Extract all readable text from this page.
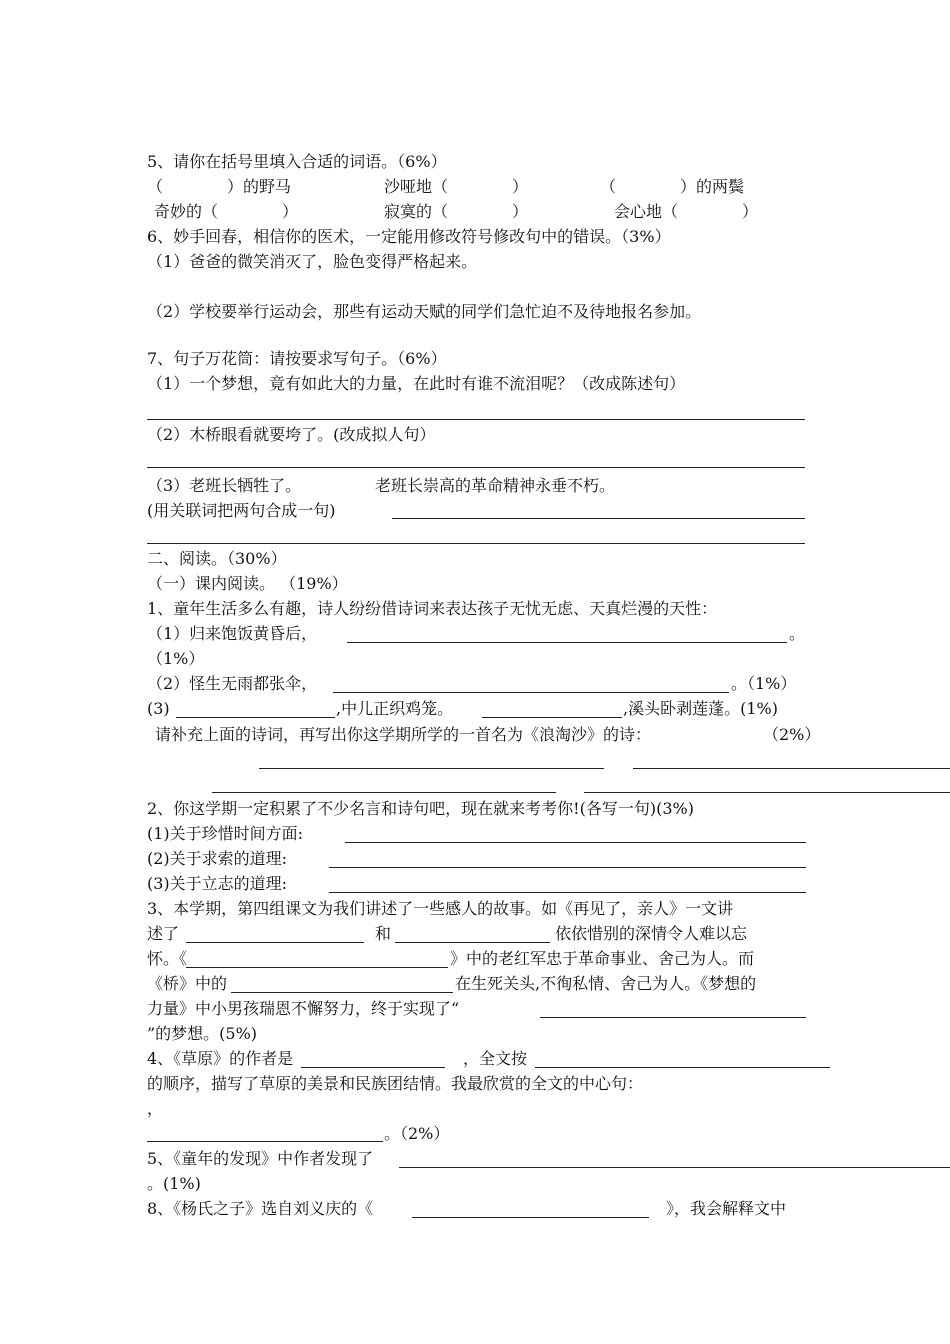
5、请你在括号里填入合适的词语。（6%）
（　　　　）的野马	沙哑地（　　　　）	（　　　　）的两鬓
奇妙的（　　　　）	寂寞的（　　　　）	会心地（　　　　）
6、妙手回春，相信你的医术，一定能用修改符号修改句中的错误。（3%）
（1）爸爸的微笑消灭了，脸色变得严格起来。
（2）学校要举行运动会，那些有运动天赋的同学们急忙迫不及待地报名参加。
7、句子万花筒：请按要求写句子。（6%）
（1）一个梦想，竟有如此大的力量，在此时有谁不流泪呢？（改成陈述句）
（2）木桥眼看就要垮了。(改成拟人句）
（3）老班长牺牲了。	老班长崇高的革命精神永垂不朽。
(用关联词把两句合成一句)
二、阅读。（30%）
（一）课内阅读。 （19%）
1、童年生活多么有趣，诗人纷纷借诗词来表达孩子无忧无虑、天真烂漫的天性：
（1）归来饱饭黄昏后，	。
（1%）
（2）怪生无雨都张伞，	。（1%）
(3)	,中儿正织鸡笼。	,溪头卧剥莲蓬。(1%)
请补充上面的诗词，再写出你这学期所学的一首名为《浪淘沙》的诗：	（2%）
2、你这学期一定积累了不少名言和诗句吧，现在就来考考你!(各写一句)(3%)
(1)关于珍惜时间方面:
(2)关于求索的道理:
(3)关于立志的道理:
3、本学期，第四组课文为我们讲述了一些感人的故事。如《再见了，亲人》一文讲
述了	和	依依惜别的深情令人难以忘
怀。《	》中的老红军忠于革命事业、舍己为人。而
《桥》中的	在生死关头,不徇私情、舍己为人。《梦想的
力量》中小男孩瑞恩不懈努力，终于实现了“
”的梦想。(5%)
4、《草原》的作者是	，全文按
的顺序，描写了草原的美景和民族团结情。我最欣赏的全文的中心句：
，
。（2%）
5、《童年的发现》中作者发现了
。(1%)
8、《杨氏之子》选自刘义庆的《	》，我会解释文中
